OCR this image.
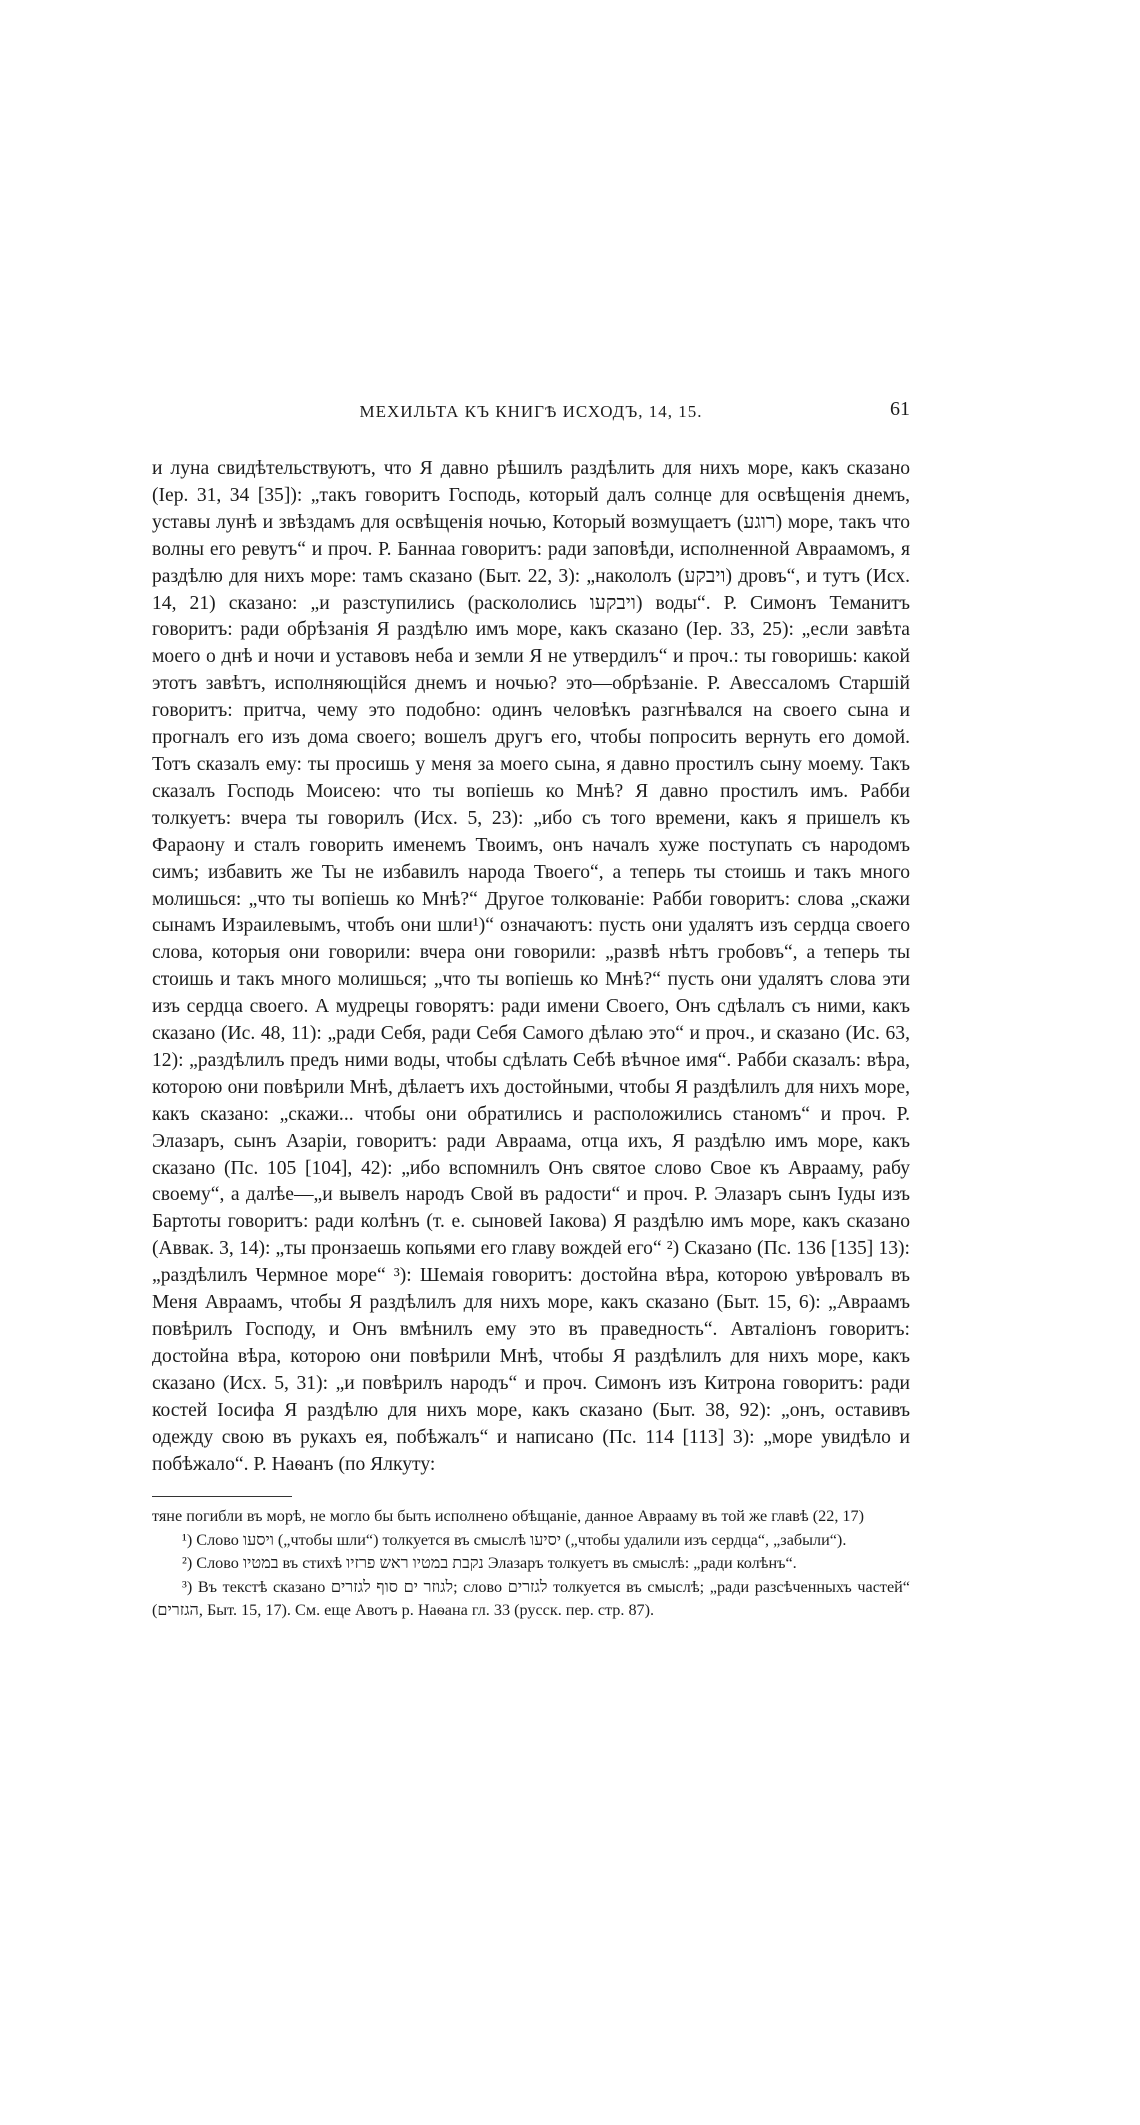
МЕХИЛЬТА КЪ КНИГѢ ИСХОДЪ, 14, 15.	61

и луна свидѣтельствуютъ, что Я давно рѣшилъ раздѣлить для нихъ море, какъ сказано (Іер. 31, 34 [35]): „такъ говоритъ Господь, который далъ солнце для освѣщенія днемъ, уставы лунѣ и звѣздамъ для освѣщенія ночью, Который возмущаетъ (רוגע) море, такъ что волны его ревутъ“ и проч. Р. Баннаа говоритъ: ради заповѣди, исполненной Авраамомъ, я раздѣлю для нихъ море: тамъ сказано (Быт. 22, 3): „накололъ (ויבקע) дровъ“, и тутъ (Исх. 14, 21) сказано: „и разступились (раскололись ויבקעו) воды“. Р. Симонъ Теманитъ говоритъ: ради обрѣзанія Я раздѣлю имъ море, какъ сказано (Іер. 33, 25): „если завѣта моего о днѣ и ночи и уставовъ неба и земли Я не утвердилъ“ и проч.: ты говоришь: какой этотъ завѣтъ, исполняющійся днемъ и ночью? это—обрѣзаніе. Р. Авессаломъ Старшій говоритъ: притча, чему это подобно: одинъ человѣкъ разгнѣвался на своего сына и прогналъ его изъ дома своего; вошелъ другъ его, чтобы попросить вернуть его домой. Тотъ сказалъ ему: ты просишь у меня за моего сына, я давно простилъ сыну моему. Такъ сказалъ Господь Моисею: что ты вопіешь ко Мнѣ? Я давно простилъ имъ. Рабби толкуетъ: вчера ты говорилъ (Исх. 5, 23): „ибо съ того времени, какъ я пришелъ къ Фараону и сталъ говорить именемъ Твоимъ, онъ началъ хуже поступать съ народомъ симъ; избавить же Ты не избавилъ народа Твоего“, а теперь ты стоишь и такъ много молишься: „что ты вопіешь ко Мнѣ?“ Другое толкованіе: Рабби говоритъ: слова „скажи сынамъ Израилевымъ, чтобъ они шли¹)“ означаютъ: пусть они удалятъ изъ сердца своего слова, которыя они говорили: вчера они говорили: „развѣ нѣтъ гробовъ“, а теперь ты стоишь и такъ много молишься; „что ты вопіешь ко Мнѣ?“ пусть они удалятъ слова эти изъ сердца своего. А мудрецы говорятъ: ради имени Своего, Онъ сдѣлалъ съ ними, какъ сказано (Ис. 48, 11): „ради Себя, ради Себя Самого дѣлаю это“ и проч., и сказано (Ис. 63, 12): „раздѣлилъ предъ ними воды, чтобы сдѣлать Себѣ вѣчное имя“. Рабби сказалъ: вѣра, которою они повѣрили Мнѣ, дѣлаетъ ихъ достойными, чтобы Я раздѣлилъ для нихъ море, какъ сказано: „скажи... чтобы они обратились и расположились станомъ“ и проч. Р. Элазаръ, сынъ Азаріи, говоритъ: ради Авраама, отца ихъ, Я раздѣлю имъ море, какъ сказано (Пс. 105 [104], 42): „ибо вспомнилъ Онъ святое слово Свое къ Аврааму, рабу своему“, а далѣе—„и вывелъ народъ Свой въ радости“ и проч. Р. Элазаръ сынъ Іуды изъ Бартоты говоритъ: ради колѣнъ (т. е. сыновей Іакова) Я раздѣлю имъ море, какъ сказано (Аввак. 3, 14): „ты пронзаешь копьями его главу вождей его“ ²) Сказано (Пс. 136 [135] 13): „раздѣлилъ Чермное море“ ³): Шемаія говоритъ: достойна вѣра, которою увѣровалъ въ Меня Авраамъ, чтобы Я раздѣлилъ для нихъ море, какъ сказано (Быт. 15, 6): „Авраамъ повѣрилъ Господу, и Онъ вмѣнилъ ему это въ праведность“. Авталіонъ говоритъ: достойна вѣра, которою они повѣрили Мнѣ, чтобы Я раздѣлилъ для нихъ море, какъ сказано (Исх. 5, 31): „и повѣрилъ народъ“ и проч. Симонъ изъ Китрона говоритъ: ради костей Іосифа Я раздѣлю для нихъ море, какъ сказано (Быт. 38, 92): „онъ, оставивъ одежду свою въ рукахъ ея, побѣжалъ“ и написано (Пс. 114 [113] 3): „море увидѣло и побѣжало“. Р. Наѳанъ (по Ялкуту:

тяне погибли въ морѣ, не могло бы быть исполнено обѣщаніе, данное Аврааму въ той же главѣ (22, 17)

¹) Слово ויסעו („чтобы шли“) толкуется въ смыслѣ יסיעו („чтобы удалили изъ сердца“, „забыли“).

²) Слово במטיו въ стихѣ נקבת במטיו ראש פרזיו Элазаръ толкуетъ въ смыслѣ: „ради колѣнъ“.

³) Въ текстѣ сказано לגוזר ים סוף לגזרים; слово לגזרים толкуется въ смыслѣ; „ради разсѣченныхъ частей“ (הגזרים, Быт. 15, 17). См. еще Авотъ р. Наѳана гл. 33 (русск. пер. стр. 87).
